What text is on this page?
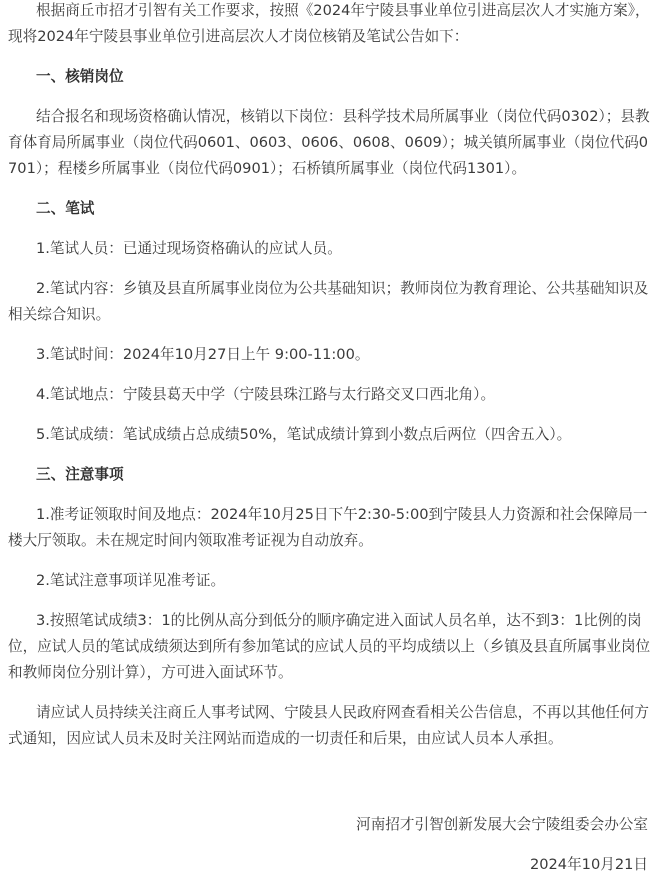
根据商丘市招才引智有关工作要求，按照《2024年宁陵县事业单位引进高层次人才实施方案》，现将2024年宁陵县事业单位引进高层次人才岗位核销及笔试公告如下：

一、核销岗位

结合报名和现场资格确认情况，核销以下岗位：县科学技术局所属事业（岗位代码0302）；县教育体育局所属事业（岗位代码0601、0603、0606、0608、0609）；城关镇所属事业（岗位代码0701）；程楼乡所属事业（岗位代码0901）；石桥镇所属事业（岗位代码1301）。

二、笔试

1.笔试人员：已通过现场资格确认的应试人员。

2.笔试内容：乡镇及县直所属事业岗位为公共基础知识；教师岗位为教育理论、公共基础知识及相关综合知识。

3.笔试时间：2024年10月27日上午 9:00-11:00。

4.笔试地点：宁陵县葛天中学（宁陵县珠江路与太行路交叉口西北角）。

5.笔试成绩：笔试成绩占总成绩50%，笔试成绩计算到小数点后两位（四舍五入）。

三、注意事项

1.准考证领取时间及地点：2024年10月25日下午2:30-5:00到宁陵县人力资源和社会保障局一楼大厅领取。未在规定时间内领取准考证视为自动放弃。

2.笔试注意事项详见准考证。

3.按照笔试成绩3：1的比例从高分到低分的顺序确定进入面试人员名单，达不到3：1比例的岗位，应试人员的笔试成绩须达到所有参加笔试的应试人员的平均成绩以上（乡镇及县直所属事业岗位和教师岗位分别计算），方可进入面试环节。

请应试人员持续关注商丘人事考试网、宁陵县人民政府网查看相关公告信息，不再以其他任何方式通知，因应试人员未及时关注网站而造成的一切责任和后果，由应试人员本人承担。

河南招才引智创新发展大会宁陵组委会办公室

2024年10月21日
